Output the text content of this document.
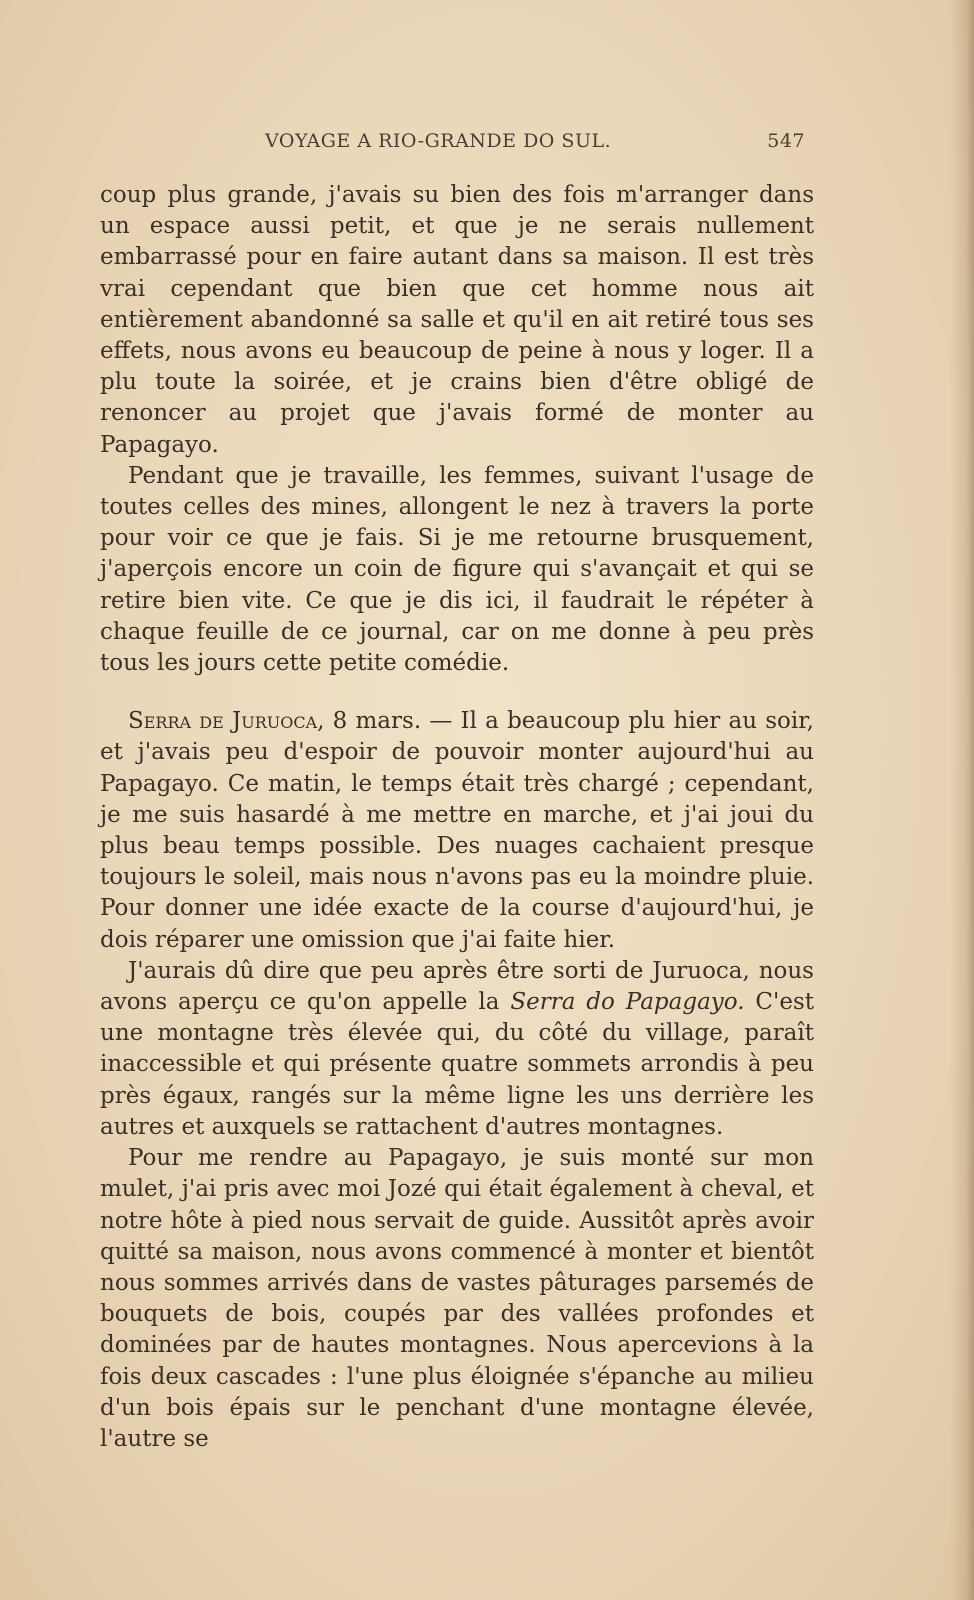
VOYAGE A RIO-GRANDE DO SUL.	547

coup plus grande, j'avais su bien des fois m'arranger dans un espace aussi petit, et que je ne serais nullement embarrassé pour en faire autant dans sa maison. Il est très vrai cependant que bien que cet homme nous ait entièrement abandonné sa salle et qu'il en ait retiré tous ses effets, nous avons eu beaucoup de peine à nous y loger. Il a plu toute la soirée, et je crains bien d'être obligé de renoncer au projet que j'avais formé de monter au Papagayo.

Pendant que je travaille, les femmes, suivant l'usage de toutes celles des mines, allongent le nez à travers la porte pour voir ce que je fais. Si je me retourne brusquement, j'aperçois encore un coin de figure qui s'avançait et qui se retire bien vite. Ce que je dis ici, il faudrait le répéter à chaque feuille de ce journal, car on me donne à peu près tous les jours cette petite comédie.

Serra de Juruoca, 8 mars. — Il a beaucoup plu hier au soir, et j'avais peu d'espoir de pouvoir monter aujourd'hui au Papagayo. Ce matin, le temps était très chargé ; cependant, je me suis hasardé à me mettre en marche, et j'ai joui du plus beau temps possible. Des nuages cachaient presque toujours le soleil, mais nous n'avons pas eu la moindre pluie. Pour donner une idée exacte de la course d'aujourd'hui, je dois réparer une omission que j'ai faite hier.

J'aurais dû dire que peu après être sorti de Juruoca, nous avons aperçu ce qu'on appelle la Serra do Papagayo. C'est une montagne très élevée qui, du côté du village, paraît inaccessible et qui présente quatre sommets arrondis à peu près égaux, rangés sur la même ligne les uns derrière les autres et auxquels se rattachent d'autres montagnes.

Pour me rendre au Papagayo, je suis monté sur mon mulet, j'ai pris avec moi Jozé qui était également à cheval, et notre hôte à pied nous servait de guide. Aussitôt après avoir quitté sa maison, nous avons commencé à monter et bientôt nous sommes arrivés dans de vastes pâturages parsemés de bouquets de bois, coupés par des vallées profondes et dominées par de hautes montagnes. Nous apercevions à la fois deux cascades : l'une plus éloignée s'épanche au milieu d'un bois épais sur le penchant d'une montagne élevée, l'autre se
